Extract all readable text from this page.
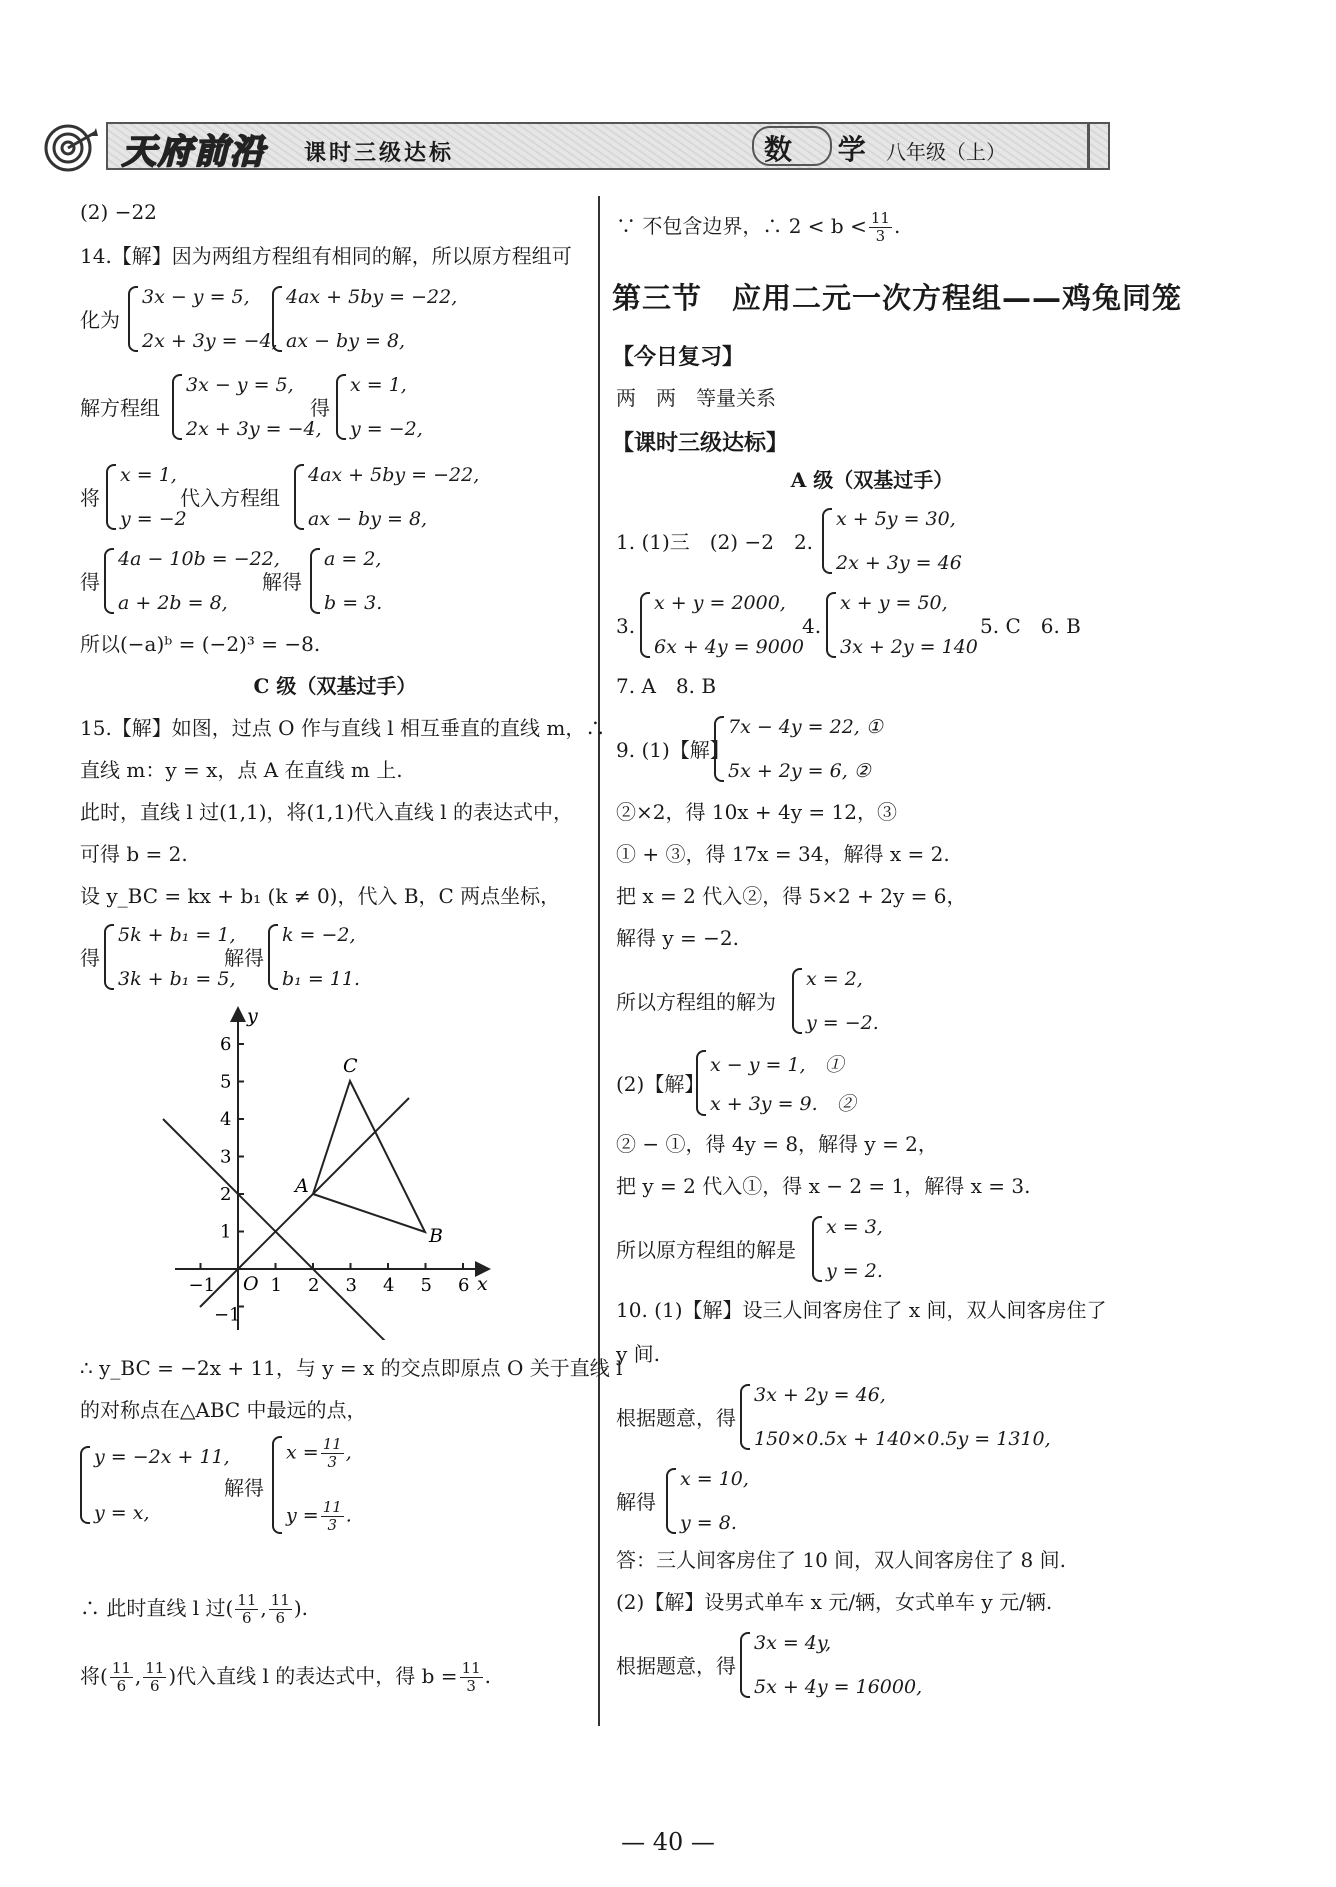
天府前沿 课时三级达标	数 学 八年级（上）
(2) −22
14.【解】因为两组方程组有相同的解，所以原方程组可
化为
3x − y = 5,
2x + 3y = −4,
4ax + 5by = −22,
ax − by = 8,
解方程组
3x − y = 5,
2x + 3y = −4,
得
x = 1,
y = −2,
将
x = 1,
y = −2
代入方程组
4ax + 5by = −22,
ax − by = 8,
得
4a − 10b = −22,
a + 2b = 8,
解得
a = 2,
b = 3.
所以(−a)ᵇ = (−2)³ = −8.
C 级（双基过手）
15.【解】如图，过点 O 作与直线 l 相互垂直的直线 m，∴
直线 m：y = x，点 A 在直线 m 上.
此时，直线 l 过(1,1)，将(1,1)代入直线 l 的表达式中，
可得 b = 2.
设 y_BC = kx + b₁ (k ≠ 0)，代入 B，C 两点坐标，
得
5k + b₁ = 1,
3k + b₁ = 5,
解得
k = −2,
b₁ = 11.
A
B
C
O	x
y
−1	1 2 3 4 5 6
−1
1
2
3
4
5
6
∴ y_BC = −2x + 11，与 y = x 的交点即原点 O 关于直线 l
的对称点在△ABC 中最远的点，
y = −2x + 11,
y = x,
解得
$x = \frac{11}{3}$ ,
$y = \frac{11}{3}$ .
∴ 此时直线 l 过( $\frac{11}{6}$ , $\frac{11}{6}$ ).
将( $\frac{11}{6}$ , $\frac{11}{6}$ )代入直线 l 的表达式中，得 $b = \frac{11}{3}$ .
∵ 不包含边界，∴ $2 < b < \frac{11}{3}$ .
第三节　应用二元一次方程组——鸡兔同笼
【今日复习】
两　两　等量关系
【课时三级达标】
A 级（双基过手）
1. (1)三　(2) −2　2.
x + 5y = 30,
2x + 3y = 46
3.
x + y = 2000,
6x + 4y = 9000
4.
x + y = 50,
3x + 2y = 140
5. C　6. B
7. A　8. B
9. (1)【解】
7x − 4y = 22, ①
5x + 2y = 6, ②
②×2，得 10x + 4y = 12，③
① + ③，得 17x = 34，解得 x = 2.
把 x = 2 代入②，得 5×2 + 2y = 6，
解得 y = −2.
所以方程组的解为
x = 2,
y = −2.
(2)【解】
x − y = 1,　①
x + 3y = 9.　②
② − ①，得 4y = 8，解得 y = 2，
把 y = 2 代入①，得 x − 2 = 1，解得 x = 3.
所以原方程组的解是
x = 3,
y = 2.
10. (1)【解】设三人间客房住了 x 间，双人间客房住了
y 间.
根据题意，得
3x + 2y = 46,
150×0.5x + 140×0.5y = 1310,
解得
x = 10,
y = 8.
答：三人间客房住了 10 间，双人间客房住了 8 间.
(2)【解】设男式单车 x 元/辆，女式单车 y 元/辆.
根据题意，得
3x = 4y,
5x + 4y = 16000,
— 40 —
